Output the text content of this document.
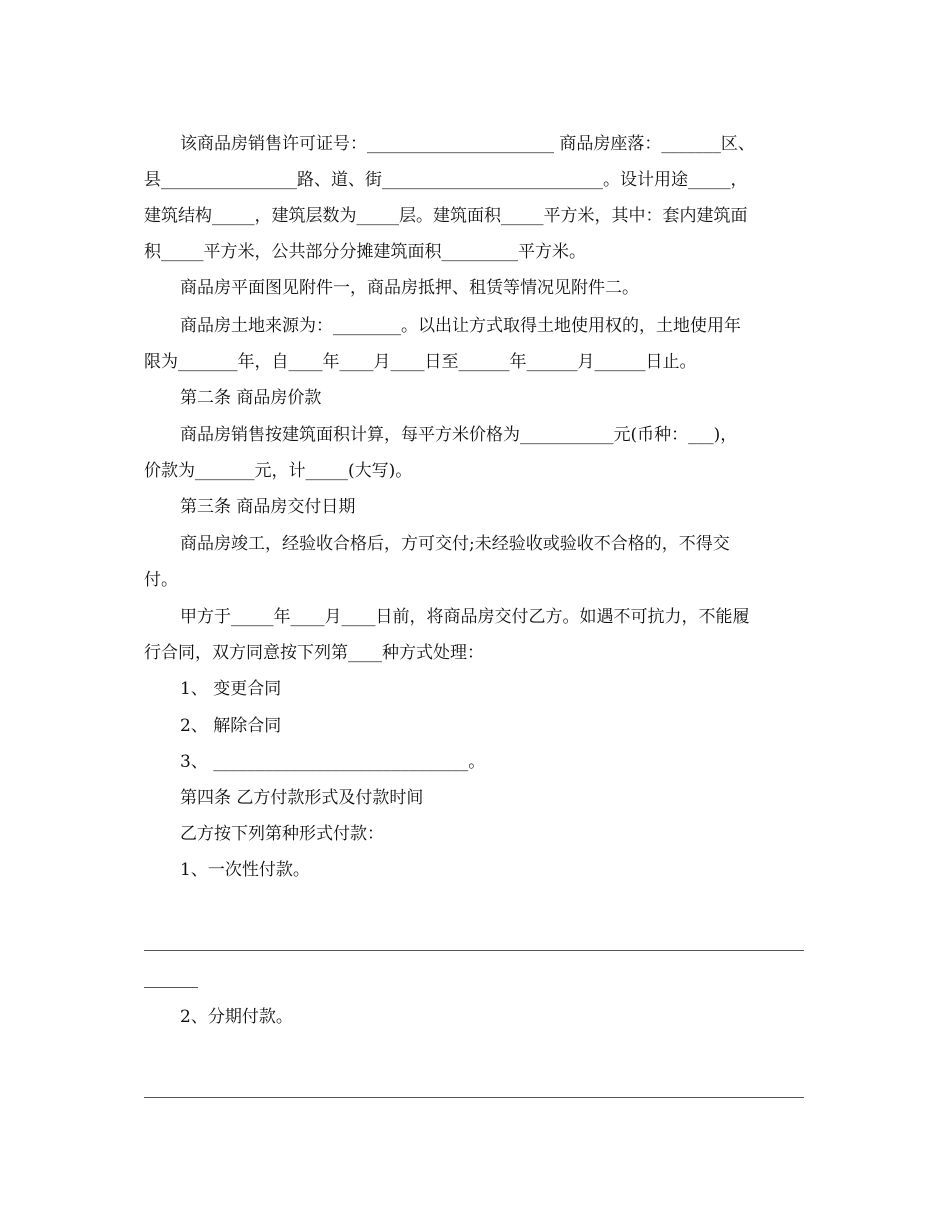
该商品房销售许可证号：______________________ 商品房座落：_______区、
县________________路、道、街__________________________。设计用途_____，
建筑结构_____，建筑层数为_____层。建筑面积_____平方米，其中：套内建筑面
积_____平方米，公共部分分摊建筑面积_________平方米。
商品房平面图见附件一，商品房抵押、租赁等情况见附件二。
商品房土地来源为：________。以出让方式取得土地使用权的，土地使用年
限为_______年，自____年____月____日至______年______月______日止。
第二条 商品房价款
商品房销售按建筑面积计算，每平方米价格为___________元(币种：___)，
价款为_______元，计_____(大写)。
第三条 商品房交付日期
商品房竣工，经验收合格后，方可交付;未经验收或验收不合格的，不得交
付。
甲方于_____年____月____日前，将商品房交付乙方。如遇不可抗力，不能履
行合同，双方同意按下列第____种方式处理：
1、 变更合同
2、 解除合同
3、 ______________________________。
第四条 乙方付款形式及付款时间
乙方按下列第种形式付款：
1、一次性付款。
2、分期付款。
